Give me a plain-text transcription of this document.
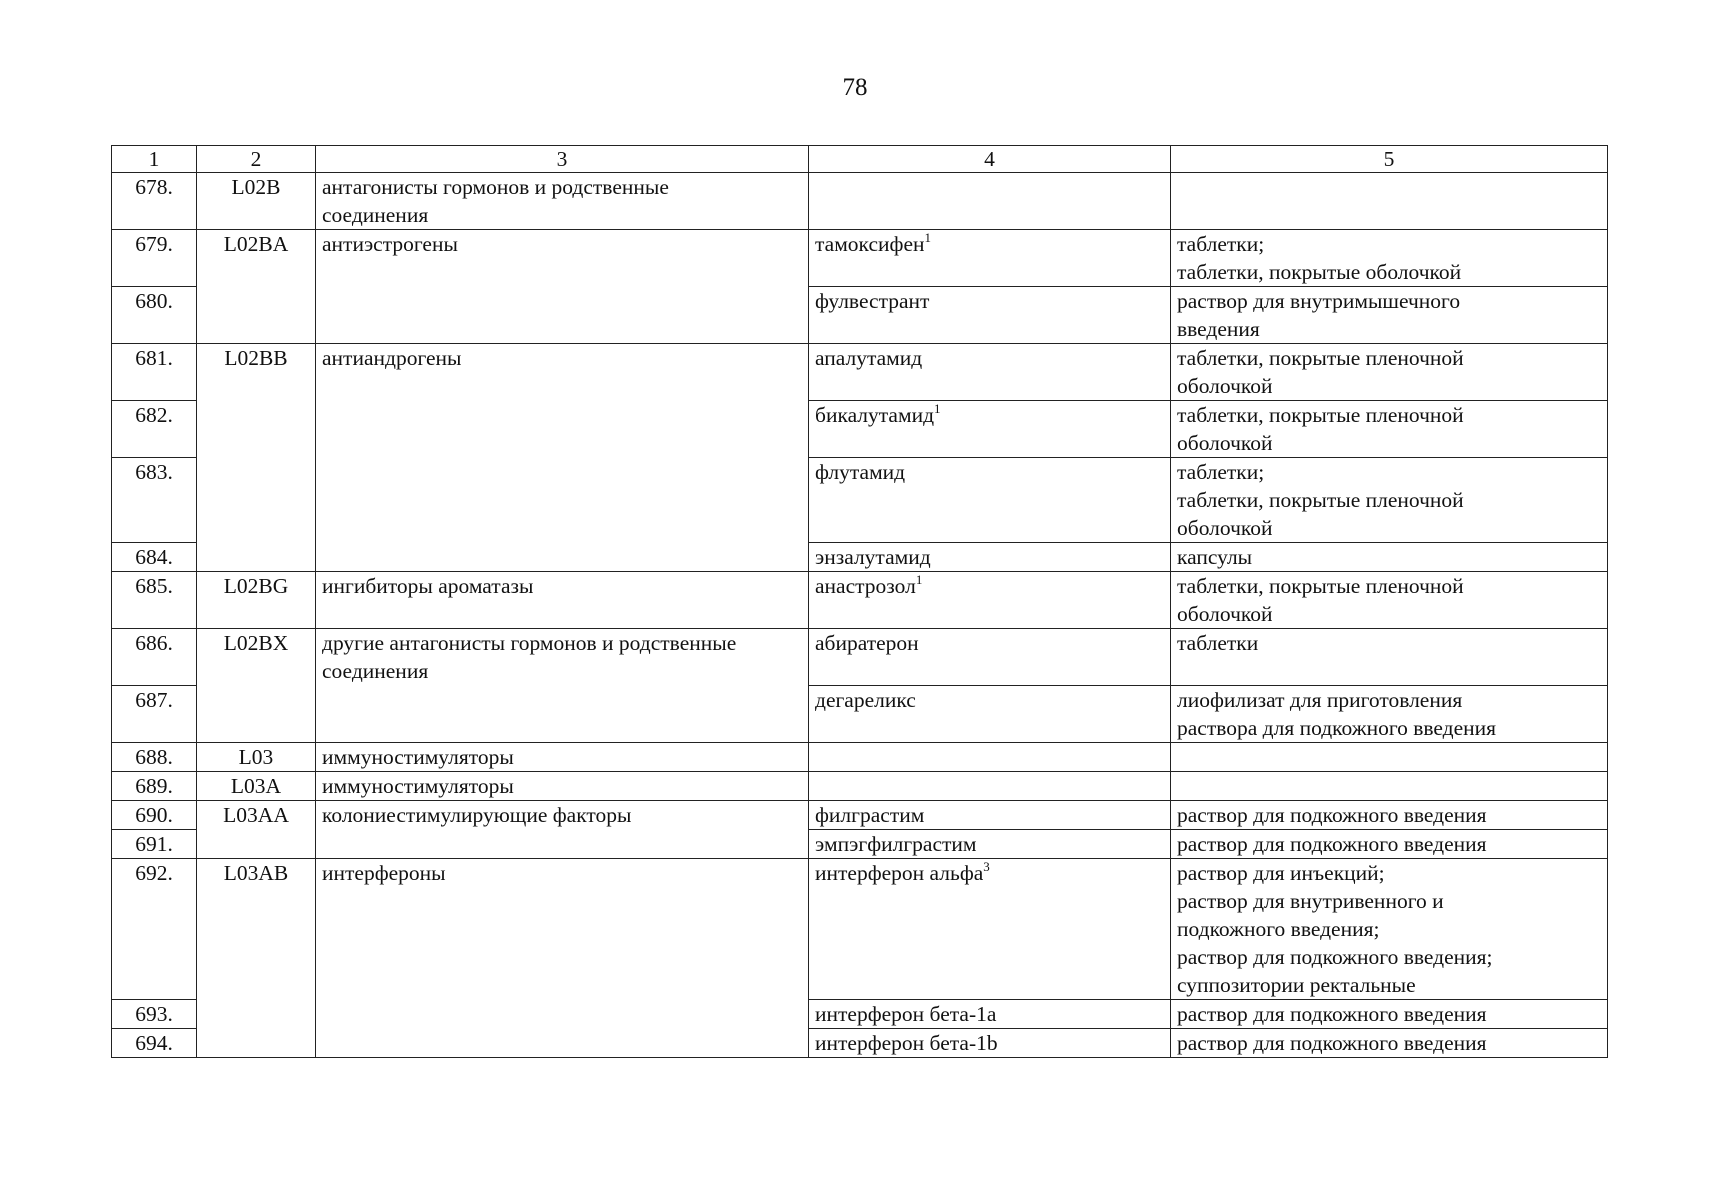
78
1	2	3	4	5
678.	L02B	антагонисты гормонов и родственные
соединения		

679.	L02BA	антиэстрогены	тамоксифен$^1$	таблетки;
таблетки, покрытые оболочкой

680.			фулвестрант	раствор для внутримышечного
введения

681.	L02BB	антиандрогены	апалутамид	таблетки, покрытые пленочной
оболочкой

682.			бикалутамид$^1$	таблетки, покрытые пленочной
оболочкой

683.			флутамид	таблетки;
таблетки, покрытые пленочной
оболочкой

684.			энзалутамид	капсулы

685.	L02BG	ингибиторы ароматазы	анастрозол$^1$	таблетки, покрытые пленочной
оболочкой

686.	L02BX	другие антагонисты гормонов и родственные
соединения	абиратерон	таблетки

687.			дегареликс	лиофилизат для приготовления
раствора для подкожного введения

688.	L03	иммуностимуляторы		

689.	L03A	иммуностимуляторы		

690.	L03AA	колониестимулирующие факторы	филграстим	раствор для подкожного введения

691.			эмпэгфилграстим	раствор для подкожного введения

692.	L03AB	интерфероны	интерферон альфа$^3$	раствор для инъекций;
раствор для внутривенного и
подкожного введения;
раствор для подкожного введения;
суппозитории ректальные

693.			интерферон бета-1a	раствор для подкожного введения

694.			интерферон бета-1b	раствор для подкожного введения
